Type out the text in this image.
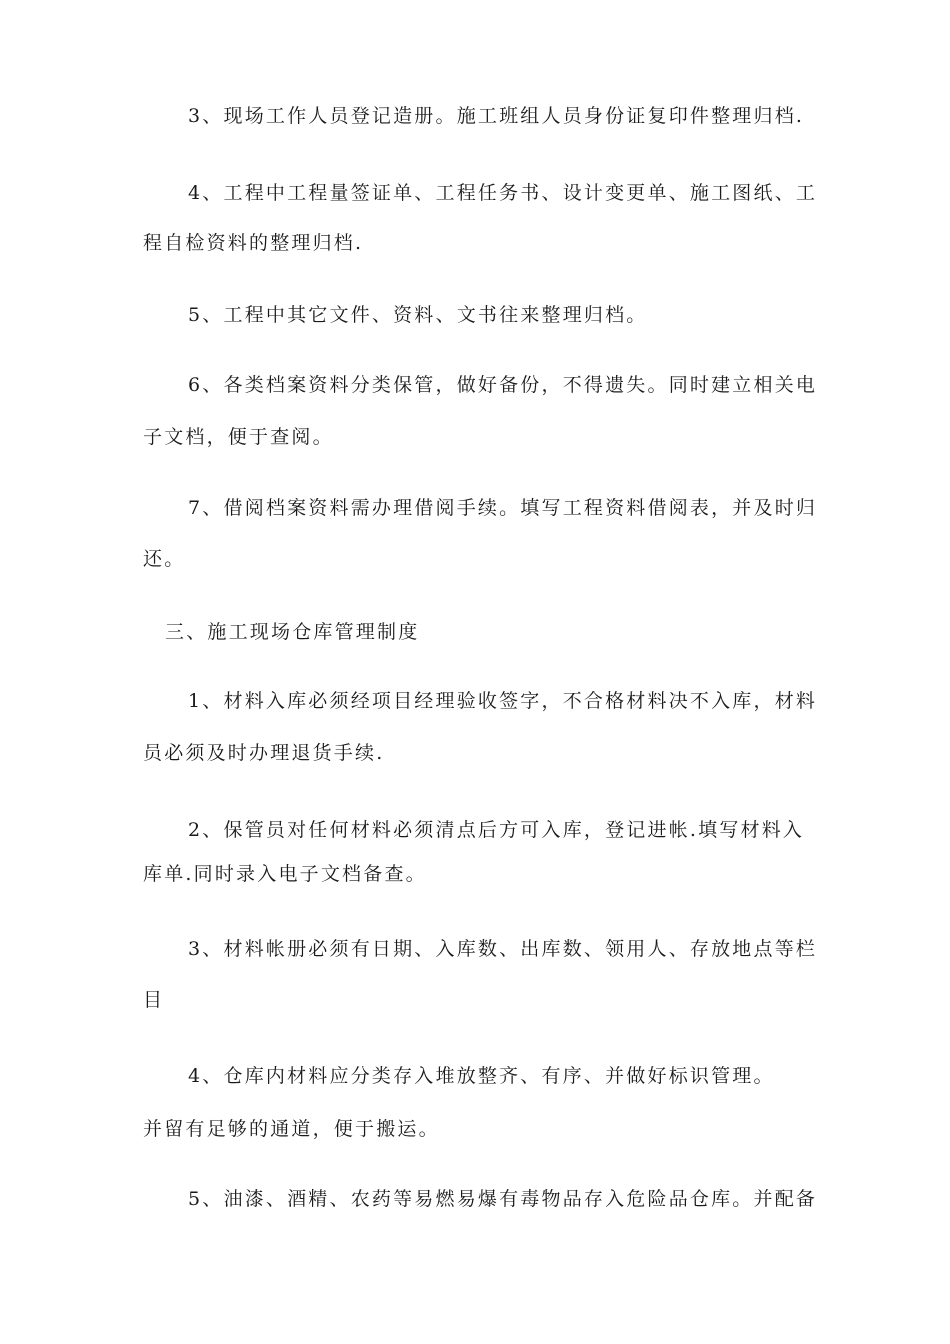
3、现场工作人员登记造册。施工班组人员身份证复印件整理归档.
4、工程中工程量签证单、工程任务书、设计变更单、施工图纸、工
程自检资料的整理归档.
5、工程中其它文件、资料、文书往来整理归档。
6、各类档案资料分类保管，做好备份，不得遗失。同时建立相关电
子文档，便于查阅。
7、借阅档案资料需办理借阅手续。填写工程资料借阅表，并及时归
还。
三、施工现场仓库管理制度
1、材料入库必须经项目经理验收签字，不合格材料决不入库，材料
员必须及时办理退货手续.
2、保管员对任何材料必须清点后方可入库，登记进帐.填写材料入
库单.同时录入电子文档备查。
3、材料帐册必须有日期、入库数、出库数、领用人、存放地点等栏
目
4、仓库内材料应分类存入堆放整齐、有序、并做好标识管理。
并留有足够的通道，便于搬运。
5、油漆、酒精、农药等易燃易爆有毒物品存入危险品仓库。并配备
